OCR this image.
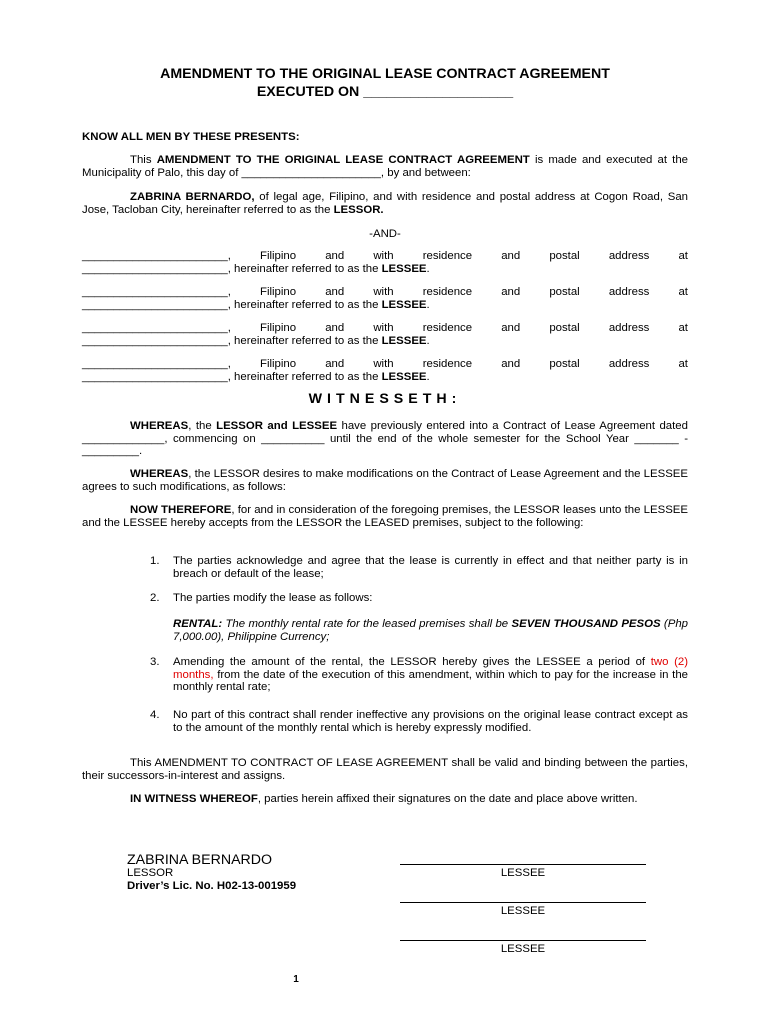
AMENDMENT TO THE ORIGINAL LEASE CONTRACT AGREEMENT
EXECUTED ON ___________________
KNOW ALL MEN BY THESE PRESENTS:
This AMENDMENT TO THE ORIGINAL LEASE CONTRACT AGREEMENT is made and executed at the Municipality of Palo, this day of ______________________, by and between:
ZABRINA BERNARDO, of legal age, Filipino, and with residence and postal address at Cogon Road, San Jose, Tacloban City, hereinafter referred to as the LESSOR.
-AND-
_______________________,	Filipino	and	with	residence	and	postal	address	at
_______________________, hereinafter referred to as the LESSEE.
_______________________,	Filipino	and	with	residence	and	postal	address	at
_______________________, hereinafter referred to as the LESSEE.
_______________________,	Filipino	and	with	residence	and	postal	address	at
_______________________, hereinafter referred to as the LESSEE.
_______________________,	Filipino	and	with	residence	and	postal	address	at
_______________________, hereinafter referred to as the LESSEE.
WITNESSETH:
WHEREAS, the LESSOR and LESSEE have previously entered into a Contract of Lease Agreement dated _____________, commencing on __________ until the end of the whole semester for the School Year _______ - _________.
WHEREAS, the LESSOR desires to make modifications on the Contract of Lease Agreement and the LESSEE agrees to such modifications, as follows:
NOW THEREFORE, for and in consideration of the foregoing premises, the LESSOR leases unto the LESSEE and the LESSEE hereby accepts from the LESSOR the LEASED premises, subject to the following:
1. The parties acknowledge and agree that the lease is currently in effect and that neither party is in breach or default of the lease;
2. The parties modify the lease as follows:
RENTAL: The monthly rental rate for the leased premises shall be SEVEN THOUSAND PESOS (Php 7,000.00), Philippine Currency;
3. Amending the amount of the rental, the LESSOR hereby gives the LESSEE a period of two (2) months, from the date of the execution of this amendment, within which to pay for the increase in the monthly rental rate;
4. No part of this contract shall render ineffective any provisions on the original lease contract except as to the amount of the monthly rental which is hereby expressly modified.
This AMENDMENT TO CONTRACT OF LEASE AGREEMENT shall be valid and binding between the parties, their successors-in-interest and assigns.
IN WITNESS WHEREOF, parties herein affixed their signatures on the date and place above written.
ZABRINA BERNARDO
LESSOR
Driver’s Lic. No. H02-13-001959
LESSEE
LESSEE
LESSEE
1
